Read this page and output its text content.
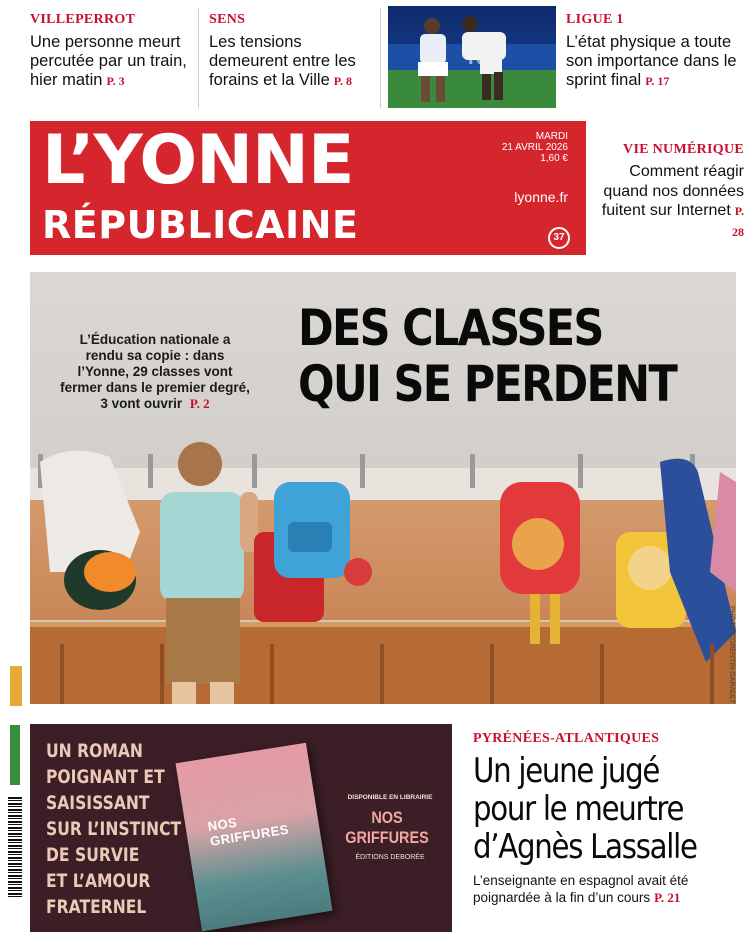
VILLEPERROT
Une personne meurt percutée par un train, hier matin P. 3
SENS
Les tensions demeurent entre les forains et la Ville P. 8
LIGUE 1
L’état physique a toute son importance dans le sprint final P. 17
L’YONNE
RÉPUBLICAINE
MARDI
21 AVRIL 2026
1,60 €
lyonne.fr
37
VIE NUMÉRIQUE
Comment réagir quand nos données fuitent sur Internet P. 28
L’Éducation nationale a rendu sa copie : dans l’Yonne, 29 classes vont fermer dans le premier degré, 3 vont ouvrir P. 2
DES CLASSES
QUI SE PERDENT
PHOTO CORENTIN GARAULT
UN ROMAN
POIGNANT ET
SAISISSANT
SUR L’INSTINCT
DE SURVIE
ET L’AMOUR
FRATERNEL
NOS GRIFFURES
DISPONIBLE EN LIBRAIRIE
NOS GRIFFURES
ÉDITIONS DEBORÉE
PYRÉNÉES-ATLANTIQUES
Un jeune jugé
pour le meurtre
d’Agnès Lassalle
L’enseignante en espagnol avait été poignardée à la fin d’un cours P. 21
